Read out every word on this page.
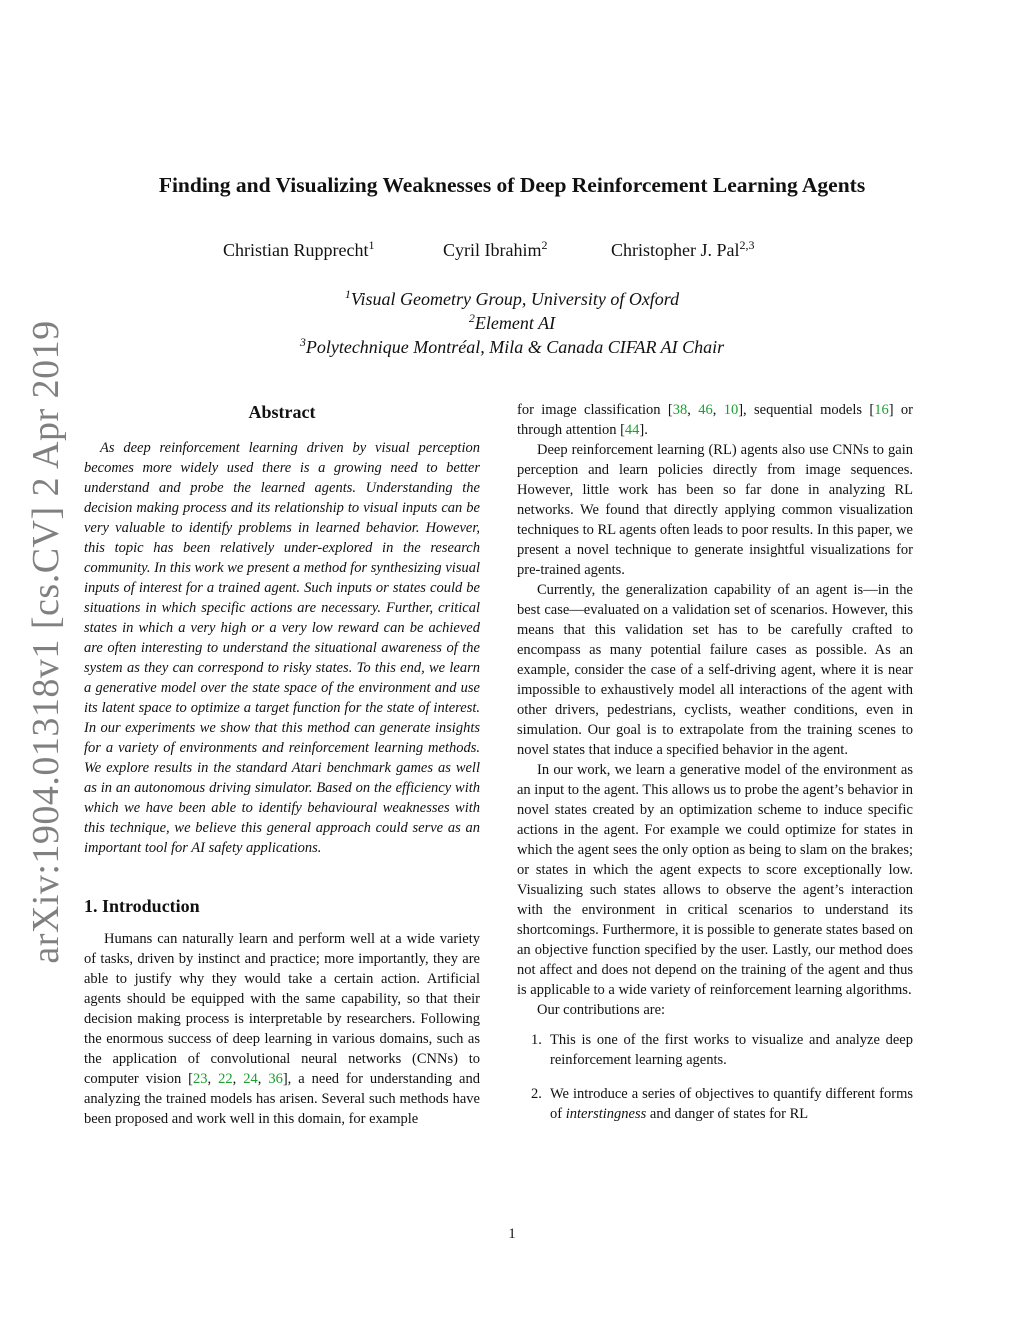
arXiv:1904.01318v1 [cs.CV] 2 Apr 2019
Finding and Visualizing Weaknesses of Deep Reinforcement Learning Agents
Christian Rupprecht$^1$	Cyril Ibrahim$^2$	Christopher J. Pal$^{2,3}$
$^1$Visual Geometry Group, University of Oxford
$^2$Element AI
$^3$Polytechnique Montréal, Mila & Canada CIFAR AI Chair
Abstract

As deep reinforcement learning driven by visual perception becomes more widely used there is a growing need to better understand and probe the learned agents. Understanding the decision making process and its relationship to visual inputs can be very valuable to identify problems in learned behavior. However, this topic has been relatively under-explored in the research community. In this work we present a method for synthesizing visual inputs of interest for a trained agent. Such inputs or states could be situations in which specific actions are necessary. Further, critical states in which a very high or a very low reward can be achieved are often interesting to understand the situational awareness of the system as they can correspond to risky states. To this end, we learn a generative model over the state space of the environment and use its latent space to optimize a target function for the state of interest. In our experiments we show that this method can generate insights for a variety of environments and reinforcement learning methods. We explore results in the standard Atari benchmark games as well as in an autonomous driving simulator. Based on the efficiency with which we have been able to identify behavioural weaknesses with this technique, we believe this general approach could serve as an important tool for AI safety applications.

1. Introduction

Humans can naturally learn and perform well at a wide variety of tasks, driven by instinct and practice; more importantly, they are able to justify why they would take a certain action. Artificial agents should be equipped with the same capability, so that their decision making process is interpretable by researchers. Following the enormous success of deep learning in various domains, such as the application of convolutional neural networks (CNNs) to computer vision [23, 22, 24, 36], a need for understanding and analyzing the trained models has arisen. Several such methods have been proposed and work well in this domain, for example

for image classification [38, 46, 10], sequential models [16] or through attention [44].

Deep reinforcement learning (RL) agents also use CNNs to gain perception and learn policies directly from image sequences. However, little work has been so far done in analyzing RL networks. We found that directly applying common visualization techniques to RL agents often leads to poor results. In this paper, we present a novel technique to generate insightful visualizations for pre-trained agents.

Currently, the generalization capability of an agent is—in the best case—evaluated on a validation set of scenarios. However, this means that this validation set has to be carefully crafted to encompass as many potential failure cases as possible. As an example, consider the case of a self-driving agent, where it is near impossible to exhaustively model all interactions of the agent with other drivers, pedestrians, cyclists, weather conditions, even in simulation. Our goal is to extrapolate from the training scenes to novel states that induce a specified behavior in the agent.

In our work, we learn a generative model of the environment as an input to the agent. This allows us to probe the agent’s behavior in novel states created by an optimization scheme to induce specific actions in the agent. For example we could optimize for states in which the agent sees the only option as being to slam on the brakes; or states in which the agent expects to score exceptionally low. Visualizing such states allows to observe the agent’s interaction with the environment in critical scenarios to understand its shortcomings. Furthermore, it is possible to generate states based on an objective function specified by the user. Lastly, our method does not affect and does not depend on the training of the agent and thus is applicable to a wide variety of reinforcement learning algorithms.

Our contributions are:

1. This is one of the first works to visualize and analyze deep reinforcement learning agents.
2. We introduce a series of objectives to quantify different forms of interstingness and danger of states for RL
1
